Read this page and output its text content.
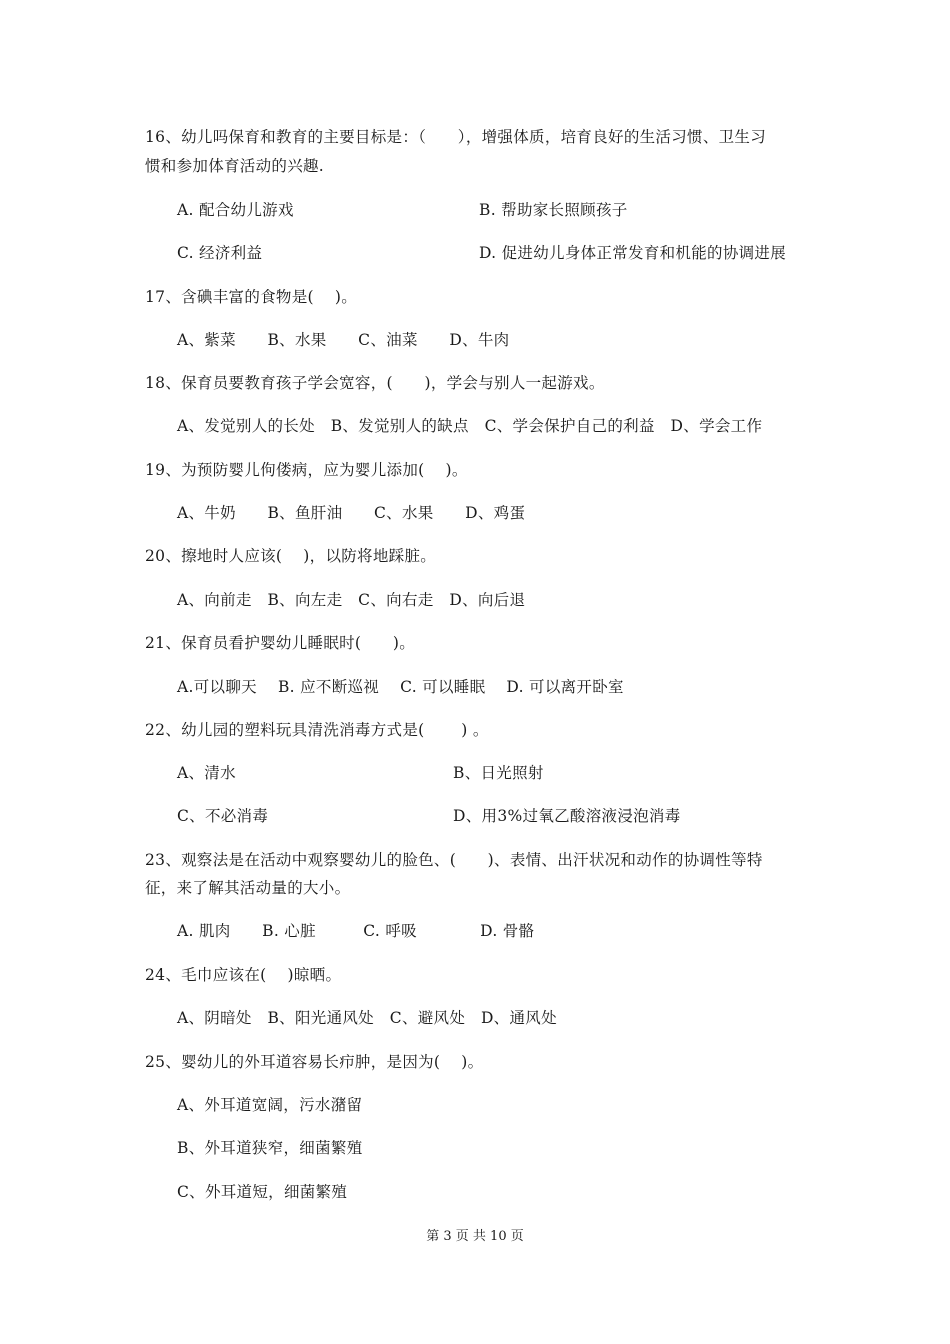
16、幼儿吗保育和教育的主要目标是：（　　），增强体质，培育良好的生活习惯、卫生习
惯和参加体育活动的兴趣.
A. 配合幼儿游戏	B. 帮助家长照顾孩子
C. 经济利益	D. 促进幼儿身体正常发育和机能的协调进展
17、含碘丰富的食物是(　 )。
A、紫菜　　B、水果　　C、油菜　　D、牛肉
18、保育员要教育孩子学会宽容，(　　)，学会与别人一起游戏。
A、发觉别人的长处　B、发觉别人的缺点　C、学会保护自己的利益　D、学会工作
19、为预防婴儿佝偻病，应为婴儿添加(　 )。
A、牛奶　　B、鱼肝油　　C、水果　　D、鸡蛋
20、擦地时人应该(　 )，以防将地踩脏。
A、向前走　B、向左走　C、向右走　D、向后退
21、保育员看护婴幼儿睡眠时(　　)。
A.可以聊天　 B. 应不断巡视　 C. 可以睡眠　 D. 可以离开卧室
22、幼儿园的塑料玩具清洗消毒方式是(　　 ) 。
A、清水	B、日光照射
C、不必消毒	D、用3%过氧乙酸溶液浸泡消毒
23、观察法是在活动中观察婴幼儿的脸色、(　　)、表情、出汗状况和动作的协调性等特
征，来了解其活动量的大小。
A. 肌肉　　B. 心脏　　　C. 呼吸　　　　D. 骨骼
24、毛巾应该在(　 )晾晒。
A、阴暗处　B、阳光通风处　C、避风处　D、通风处
25、婴幼儿的外耳道容易长疖肿，是因为(　 )。
A、外耳道宽阔，污水潴留
B、外耳道狭窄，细菌繁殖
C、外耳道短，细菌繁殖
第 3 页 共 10 页
